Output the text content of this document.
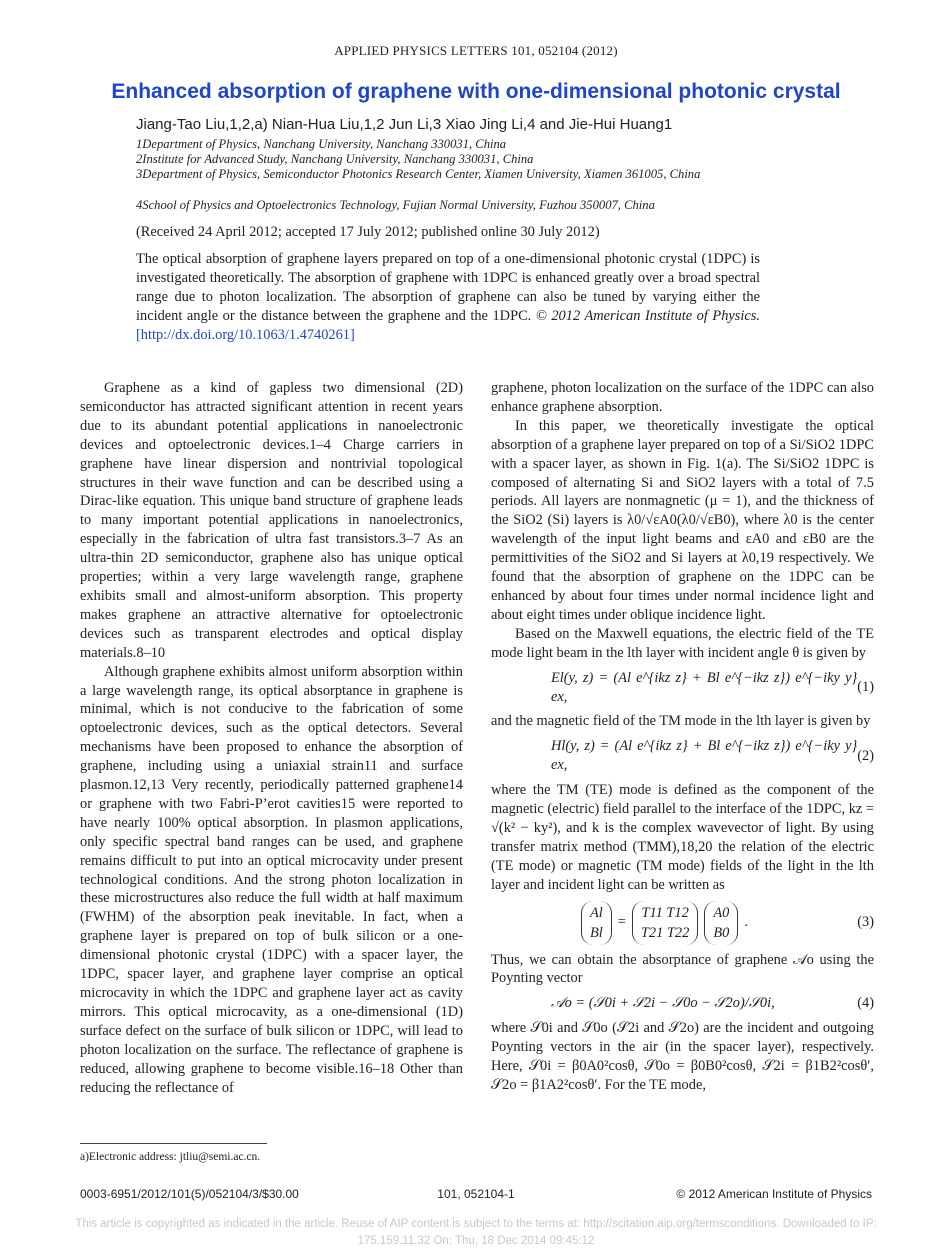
APPLIED PHYSICS LETTERS 101, 052104 (2012)
Enhanced absorption of graphene with one-dimensional photonic crystal
Jiang-Tao Liu,1,2,a) Nian-Hua Liu,1,2 Jun Li,3 Xiao Jing Li,4 and Jie-Hui Huang1
1Department of Physics, Nanchang University, Nanchang 330031, China
2Institute for Advanced Study, Nanchang University, Nanchang 330031, China
3Department of Physics, Semiconductor Photonics Research Center, Xiamen University, Xiamen 361005, China
4School of Physics and Optoelectronics Technology, Fujian Normal University, Fuzhou 350007, China
(Received 24 April 2012; accepted 17 July 2012; published online 30 July 2012)
The optical absorption of graphene layers prepared on top of a one-dimensional photonic crystal (1DPC) is investigated theoretically. The absorption of graphene with 1DPC is enhanced greatly over a broad spectral range due to photon localization. The absorption of graphene can also be tuned by varying either the incident angle or the distance between the graphene and the 1DPC. © 2012 American Institute of Physics. [http://dx.doi.org/10.1063/1.4740261]

Graphene as a kind of gapless two dimensional (2D) semiconductor has attracted significant attention in recent years due to its abundant potential applications in nanoelectronic devices and optoelectronic devices.1–4 Charge carriers in graphene have linear dispersion and nontrivial topological structures in their wave function and can be described using a Dirac-like equation. This unique band structure of graphene leads to many important potential applications in nanoelectronics, especially in the fabrication of ultra fast transistors.3–7 As an ultra-thin 2D semiconductor, graphene also has unique optical properties; within a very large wavelength range, graphene exhibits small and almost-uniform absorption. This property makes graphene an attractive alternative for optoelectronic devices such as transparent electrodes and optical display materials.8–10

Although graphene exhibits almost uniform absorption within a large wavelength range, its optical absorptance in graphene is minimal, which is not conducive to the fabrication of some optoelectronic devices, such as the optical detectors. Several mechanisms have been proposed to enhance the absorption of graphene, including using a uniaxial strain11 and surface plasmon.12,13 Very recently, periodically patterned graphene14 or graphene with two Fabri-P’erot cavities15 were reported to have nearly 100% optical absorption. In plasmon applications, only specific spectral band ranges can be used, and graphene remains difficult to put into an optical microcavity under present technological conditions. And the strong photon localization in these microstructures also reduce the full width at half maximum (FWHM) of the absorption peak inevitable. In fact, when a graphene layer is prepared on top of bulk silicon or a one-dimensional photonic crystal (1DPC) with a spacer layer, the 1DPC, spacer layer, and graphene layer comprise an optical microcavity in which the 1DPC and graphene layer act as cavity mirrors. This optical microcavity, as a one-dimensional (1D) surface defect on the surface of bulk silicon or 1DPC, will lead to photon localization on the surface. The reflectance of graphene is reduced, allowing graphene to become visible.16–18 Other than reducing the reflectance of

graphene, photon localization on the surface of the 1DPC can also enhance graphene absorption.

In this paper, we theoretically investigate the optical absorption of a graphene layer prepared on top of a Si/SiO2 1DPC with a spacer layer, as shown in Fig. 1(a). The Si/SiO2 1DPC is composed of alternating Si and SiO2 layers with a total of 7.5 periods. All layers are nonmagnetic (μ = 1), and the thickness of the SiO2 (Si) layers is λ0/√εA0(λ0/√εB0), where λ0 is the center wavelength of the input light beams and εA0 and εB0 are the permittivities of the SiO2 and Si layers at λ0,19 respectively. We found that the absorption of graphene on the 1DPC can be enhanced by about four times under normal incidence light and about eight times under oblique incidence light.

Based on the Maxwell equations, the electric field of the TE mode light beam in the lth layer with incident angle θ is given by

El(y, z) = (Al e^{ikz z} + Bl e^{−ikz z}) e^{−iky y} ex,
(1)

and the magnetic field of the TM mode in the lth layer is given by

Hl(y, z) = (Al e^{ikz z} + Bl e^{−ikz z}) e^{−iky y} ex,
(2)

where the TM (TE) mode is defined as the component of the magnetic (electric) field parallel to the interface of the 1DPC, kz = √(k² − ky²), and k is the complex wavevector of light. By using transfer matrix method (TMM),18,20 the relation of the electric (TE mode) or magnetic (TM mode) fields of the light in the lth layer and incident light can be written as

Al
Bl
=
T11 T12
T21 T22
A0
B0
.	(3)

Thus, we can obtain the absorptance of graphene 𝒜o using the Poynting vector

𝒜o = (𝒮0i + 𝒮2i − 𝒮0o − 𝒮2o)/𝒮0i,	(4)

where 𝒮0i and 𝒮0o (𝒮2i and 𝒮2o) are the incident and outgoing Poynting vectors in the air (in the spacer layer), respectively. Here, 𝒮0i = β0A0²cosθ, 𝒮0o = β0B0²cosθ, 𝒮2i = β1B2²cosθ′, 𝒮2o = β1A2²cosθ′. For the TE mode,

a)Electronic address: jtliu@semi.ac.cn.
0003-6951/2012/101(5)/052104/3/$30.00	101, 052104-1	© 2012 American Institute of Physics
This article is copyrighted as indicated in the article. Reuse of AIP content is subject to the terms at: http://scitation.aip.org/termsconditions. Downloaded to IP:
175.159.11.32 On: Thu, 18 Dec 2014 09:45:12
